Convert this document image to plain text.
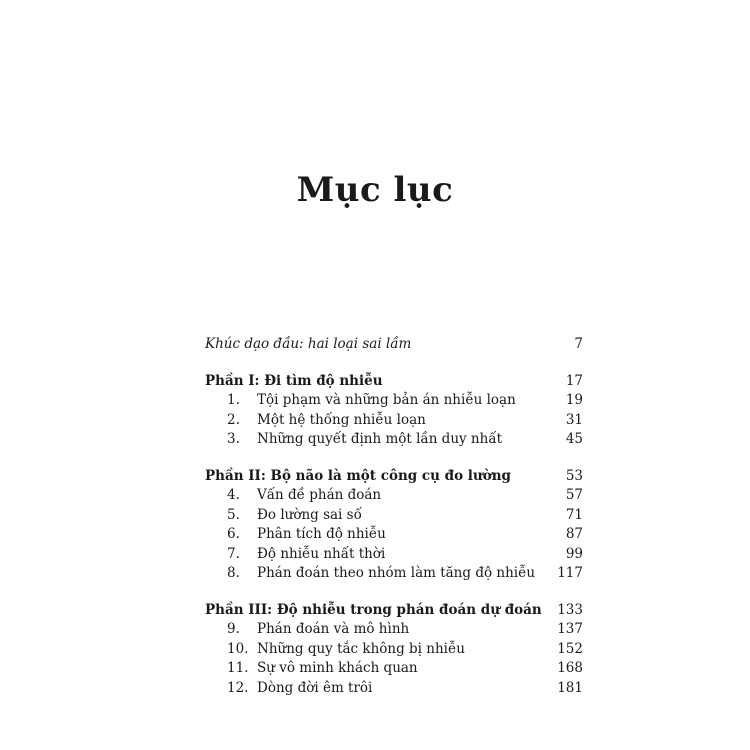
Mục lục
Khúc dạo đầu: hai loại sai lầm	7
Phần I: Đi tìm độ nhiễu	17
1.	Tội phạm và những bản án nhiễu loạn	19
2.	Một hệ thống nhiễu loạn	31
3.	Những quyết định một lần duy nhất	45
Phần II: Bộ não là một công cụ đo lường	53
4.	Vấn đề phán đoán	57
5.	Đo lường sai số	71
6.	Phân tích độ nhiễu	87
7.	Độ nhiễu nhất thời	99
8.	Phán đoán theo nhóm làm tăng độ nhiễu	117
Phần III: Độ nhiễu trong phán đoán dự đoán	133
9.	Phán đoán và mô hình	137
10. Những quy tắc không bị nhiễu	152
11. Sự vô minh khách quan	168
12. Dòng đời êm trôi	181
